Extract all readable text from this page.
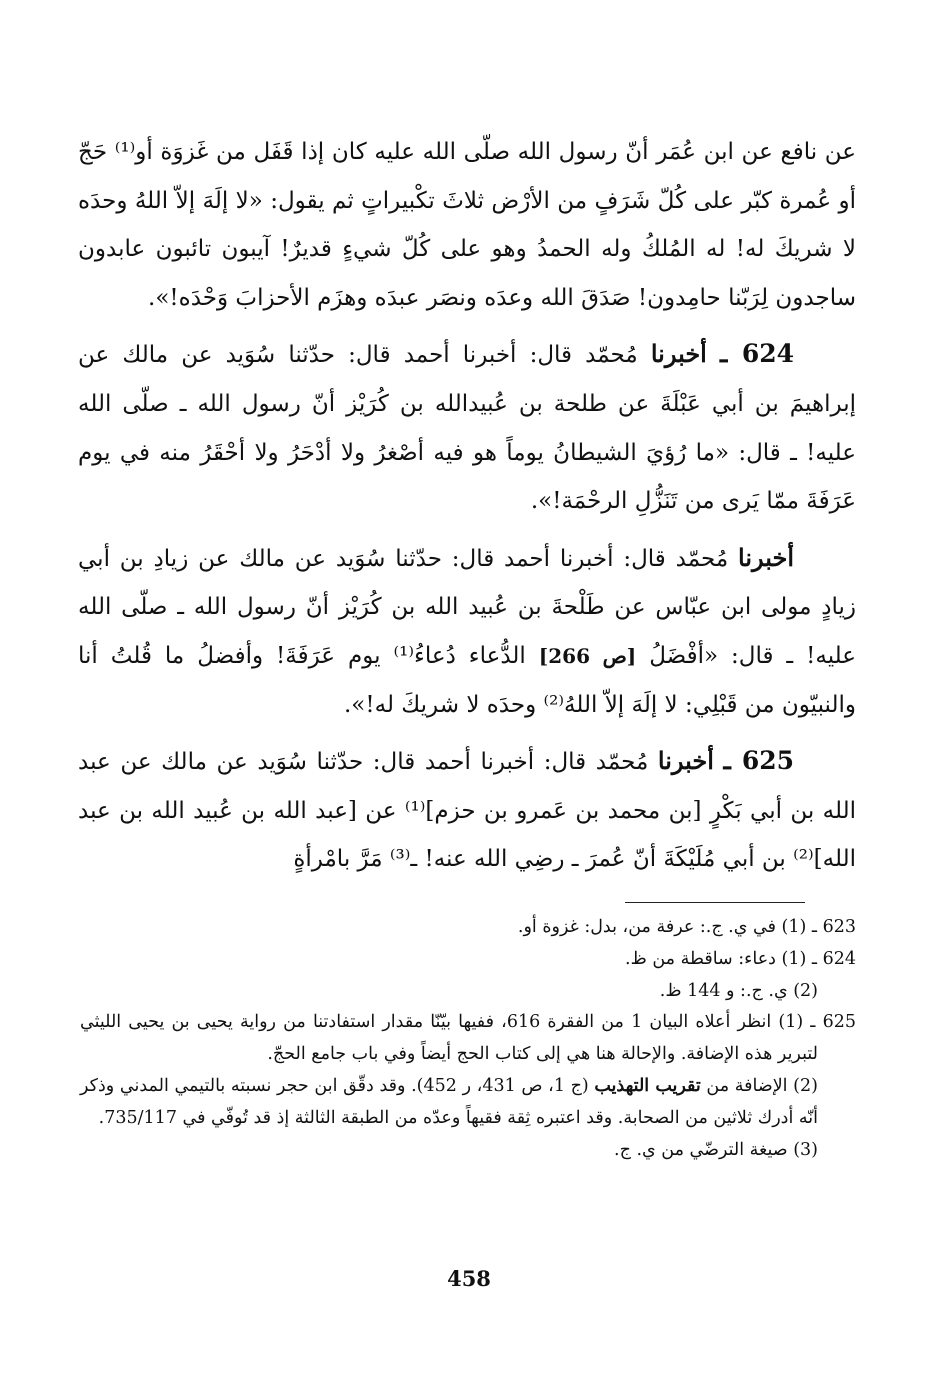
عن نافع عن ابن عُمَر أنّ رسول الله صلّى الله عليه كان إذا قَفَل من غَزوَة أو⁽¹⁾ حَجّ أو عُمرة كبّر على كُلّ شَرَفٍ من الأرْض ثلاثَ تكْبيراتٍ ثم يقول: «لا إلَهَ إلاّ اللهُ وحدَه لا شريكَ له! له المُلكُ وله الحمدُ وهو على كُلّ شيءٍ قديرٌ! آيبون تائبون عابدون ساجدون لِرَبّنا حامِدون! صَدَقَ الله وعدَه ونصَر عبدَه وهزَم الأحزابَ وَحْدَه!».

624 ـ أخبرنا مُحمّد قال: أخبرنا أحمد قال: حدّثنا سُوَيد عن مالك عن إبراهيمَ بن أبي عَبْلَةَ عن طلحة بن عُبيدالله بن كُرَيْز أنّ رسول الله ـ صلّى الله عليه! ـ قال: «ما رُؤيَ الشيطانُ يوماً هو فيه أصْغرُ ولا أدْحَرُ ولا أحْقَرُ منه في يوم عَرَفَةَ ممّا يَرى من تَنَزُّلِ الرحْمَة!».

أخبرنا مُحمّد قال: أخبرنا أحمد قال: حدّثنا سُوَيد عن مالك عن زيادِ بن أبي زيادٍ مولى ابن عبّاس عن طَلْحةَ بن عُبيد الله بن كُرَيْز أنّ رسول الله ـ صلّى الله عليه! ـ قال: «أفْضَلُ [ص 266] الدُّعاء دُعاءُ⁽¹⁾ يوم عَرَفَةَ! وأفضلُ ما قُلتُ أنا والنبيّون من قَبْلِي: لا إلَهَ إلاّ اللهُ⁽²⁾ وحدَه لا شريكَ له!».

625 ـ أخبرنا مُحمّد قال: أخبرنا أحمد قال: حدّثنا سُوَيد عن مالك عن عبد الله بن أبي بَكْرٍ [بن محمد بن عَمرو بن حزم]⁽¹⁾ عن [عبد الله بن عُبيد الله بن عبد الله]⁽²⁾ بن أبي مُلَيْكَةَ أنّ عُمرَ ـ رضِي الله عنه! ـ⁽³⁾ مَرَّ بامْرأةٍ

623 ـ (1) في ي. ج.: عرفة من، بدل: غزوة أو.

624 ـ (1) دعاء: ساقطة من ظ.

(2) ي. ج.: و 144 ظ.

625 ـ (1) انظر أعلاه البيان 1 من الفقرة 616، ففيها بيّنّا مقدار استفادتنا من رواية يحيى بن يحيى الليثي لتبرير هذه الإضافة. والإحالة هنا هي إلى كتاب الحج أيضاً وفي باب جامع الحجّ.

(2) الإضافة من تقريب التهذيب (ج 1، ص 431، ر 452). وقد دقّق ابن حجر نسبته بالتيمي المدني وذكر أنّه أدرك ثلاثين من الصحابة. وقد اعتبره ثِقة فقيهاً وعدّه من الطبقة الثالثة إذ قد تُوفّي في 735/117.

(3) صيغة الترضّي من ي. ج.

458
